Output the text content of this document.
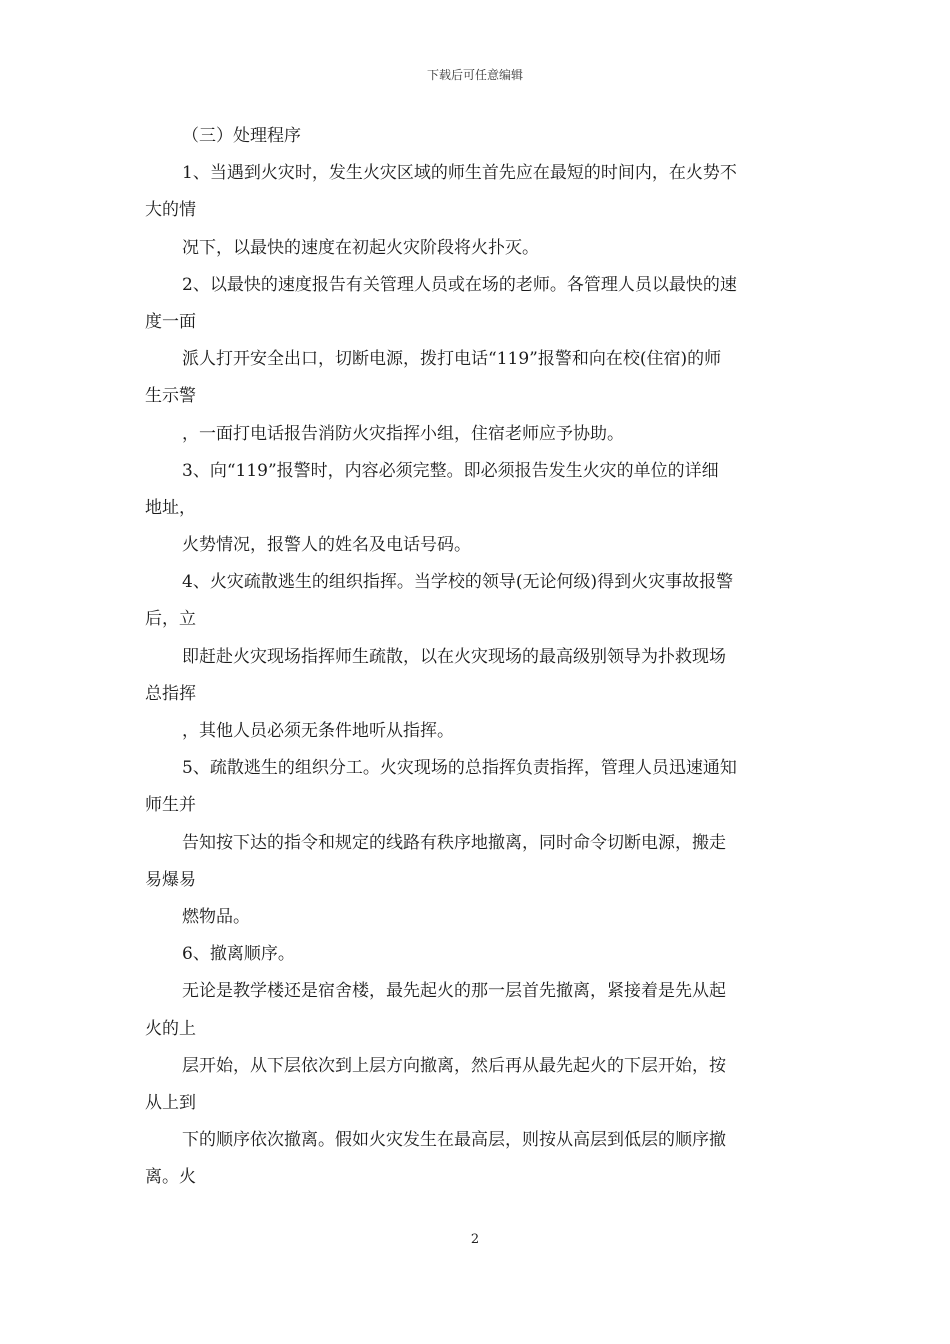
下载后可任意编辑
（三）处理程序
1、当遇到火灾时，发生火灾区域的师生首先应在最短的时间内，在火势不
大的情
况下，以最快的速度在初起火灾阶段将火扑灭。
2、以最快的速度报告有关管理人员或在场的老师。各管理人员以最快的速
度一面
派人打开安全出口，切断电源，拨打电话“119”报警和向在校(住宿)的师
生示警
，一面打电话报告消防火灾指挥小组，住宿老师应予协助。
3、向“119”报警时，内容必须完整。即必须报告发生火灾的单位的详细
地址，
火势情况，报警人的姓名及电话号码。
4、火灾疏散逃生的组织指挥。当学校的领导(无论何级)得到火灾事故报警
后，立
即赶赴火灾现场指挥师生疏散，以在火灾现场的最高级别领导为扑救现场
总指挥
，其他人员必须无条件地听从指挥。
5、疏散逃生的组织分工。火灾现场的总指挥负责指挥，管理人员迅速通知
师生并
告知按下达的指令和规定的线路有秩序地撤离，同时命令切断电源，搬走
易爆易
燃物品。
6、撤离顺序。
无论是教学楼还是宿舍楼，最先起火的那一层首先撤离，紧接着是先从起
火的上
层开始，从下层依次到上层方向撤离，然后再从最先起火的下层开始，按
从上到
下的顺序依次撤离。假如火灾发生在最高层，则按从高层到低层的顺序撤
离。火
2
